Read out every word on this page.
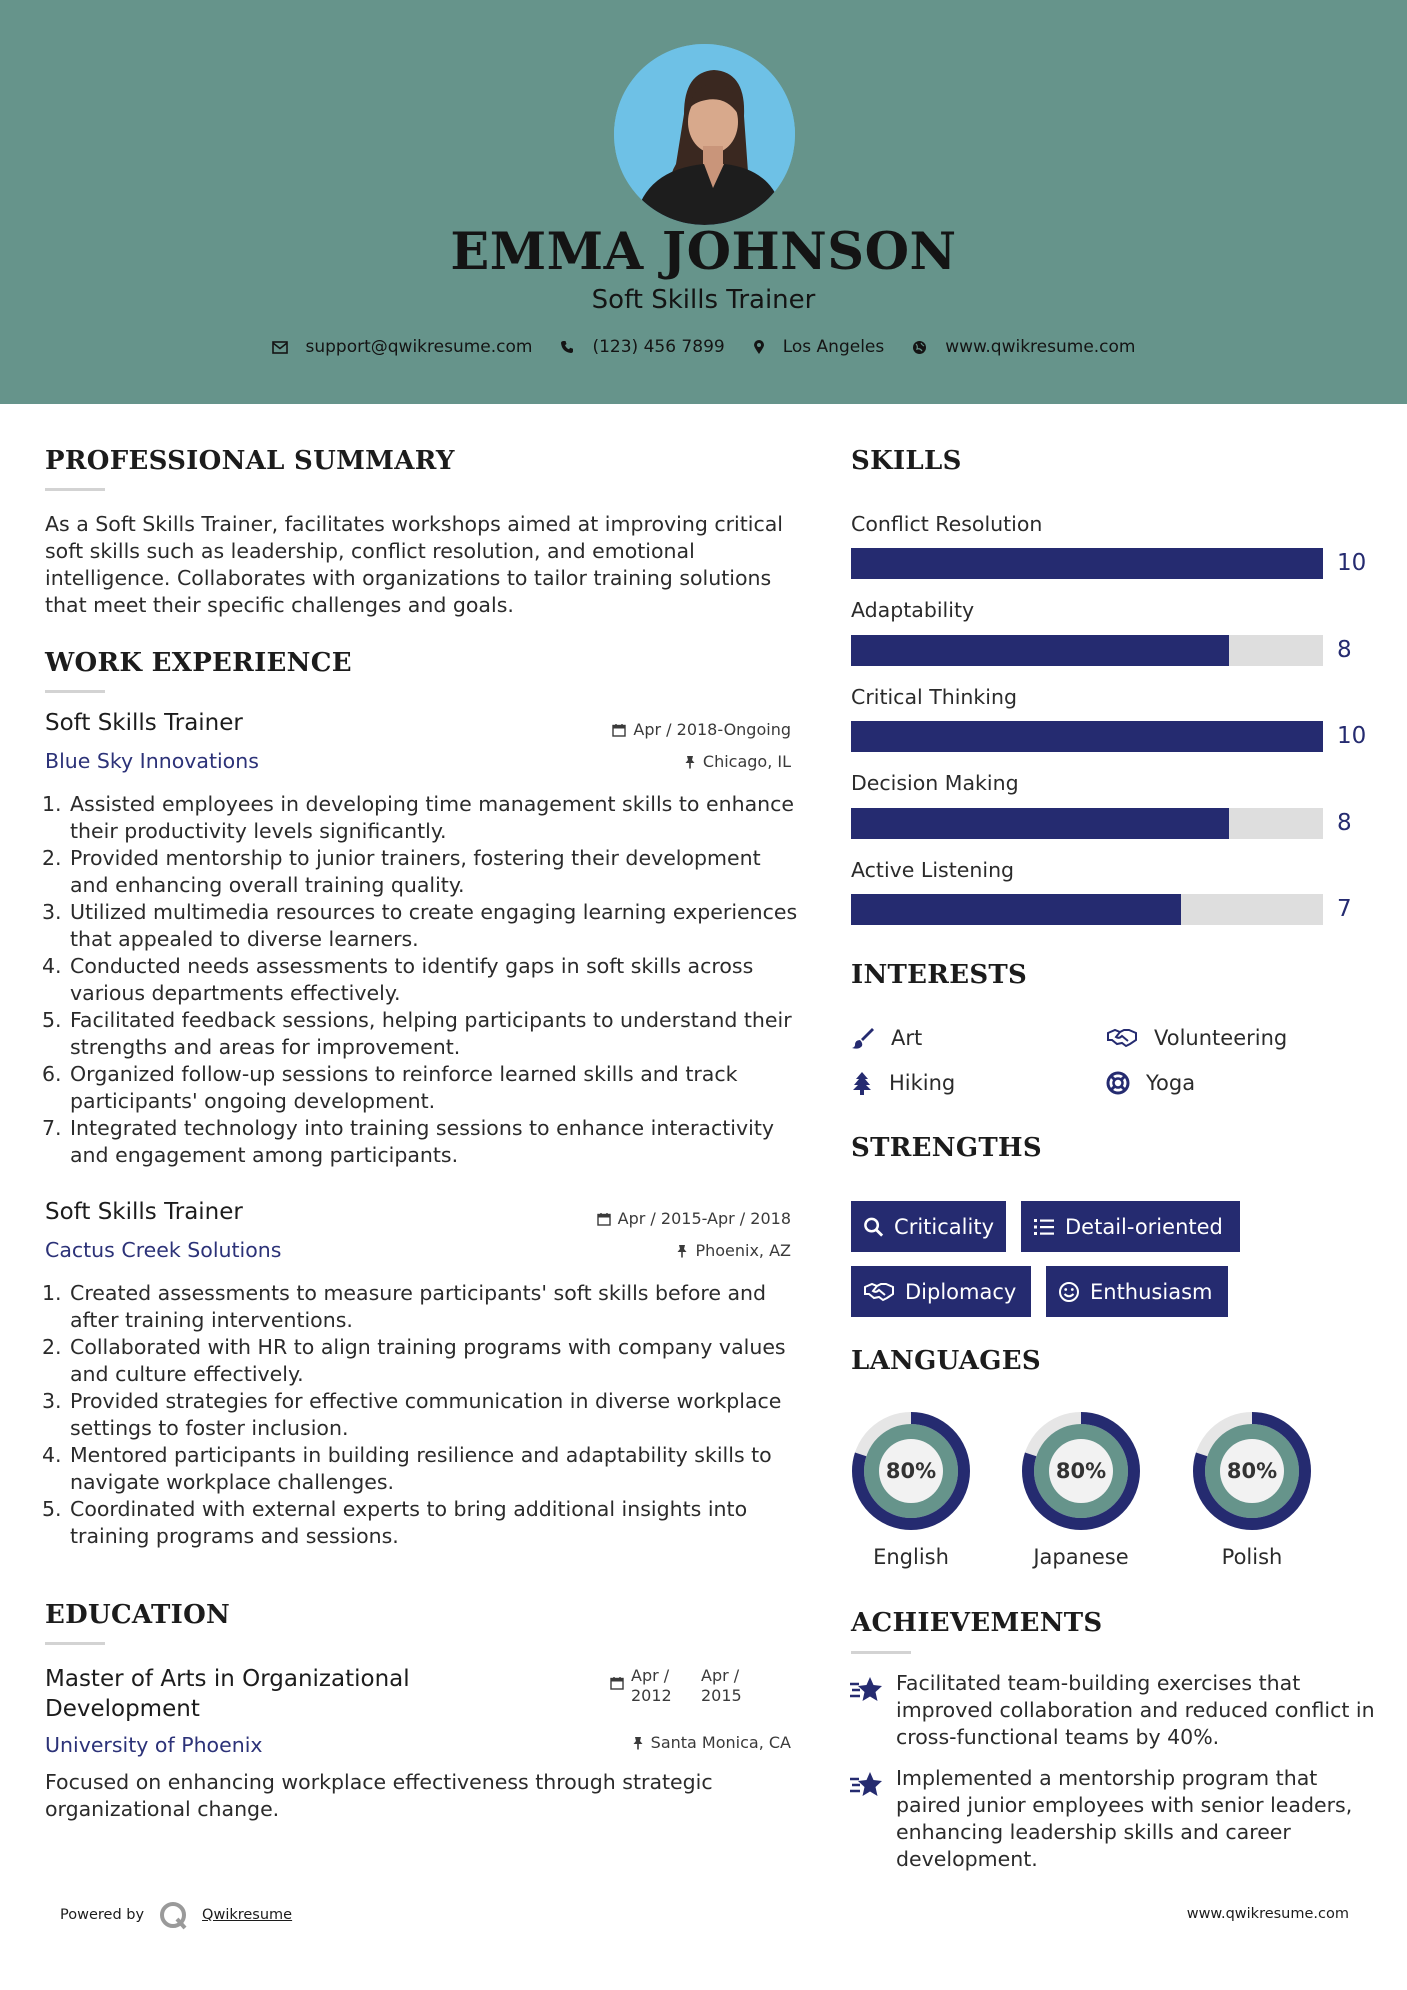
EMMA JOHNSON
Soft Skills Trainer
support@qwikresume.com	(123) 456 7899	Los Angeles	www.qwikresume.com
PROFESSIONAL SUMMARY
As a Soft Skills Trainer, facilitates workshops aimed at improving critical soft skills such as leadership, conflict resolution, and emotional intelligence. Collaborates with organizations to tailor training solutions that meet their specific challenges and goals.
WORK EXPERIENCE
Soft Skills Trainer	Apr / 2018-Ongoing
Blue Sky Innovations	Chicago, IL
1. Assisted employees in developing time management skills to enhance their productivity levels significantly.
2. Provided mentorship to junior trainers, fostering their development and enhancing overall training quality.
3. Utilized multimedia resources to create engaging learning experiences that appealed to diverse learners.
4. Conducted needs assessments to identify gaps in soft skills across various departments effectively.
5. Facilitated feedback sessions, helping participants to understand their strengths and areas for improvement.
6. Organized follow-up sessions to reinforce learned skills and track participants' ongoing development.
7. Integrated technology into training sessions to enhance interactivity and engagement among participants.
Soft Skills Trainer	Apr / 2015-Apr / 2018
Cactus Creek Solutions	Phoenix, AZ
1. Created assessments to measure participants' soft skills before and after training interventions.
2. Collaborated with HR to align training programs with company values and culture effectively.
3. Provided strategies for effective communication in diverse workplace settings to foster inclusion.
4. Mentored participants in building resilience and adaptability skills to navigate workplace challenges.
5. Coordinated with external experts to bring additional insights into training programs and sessions.
EDUCATION
Master of Arts in Organizational Development
Apr / 2012
Apr / 2015
University of Phoenix	Santa Monica, CA
Focused on enhancing workplace effectiveness through strategic organizational change.
SKILLS
Conflict Resolution
10
Adaptability
8
Critical Thinking
10
Decision Making
8
Active Listening
7
INTERESTS
Art	Volunteering
Hiking	Yoga
STRENGTHS
Criticality	Detail-oriented
Diplomacy	Enthusiasm
LANGUAGES
80%
English
80%
Japanese
80%
Polish
ACHIEVEMENTS
Facilitated team-building exercises that improved collaboration and reduced conflict in cross-functional teams by 40%.
Implemented a mentorship program that paired junior employees with senior leaders, enhancing leadership skills and career development.
Powered by	Qwikresume	www.qwikresume.com
